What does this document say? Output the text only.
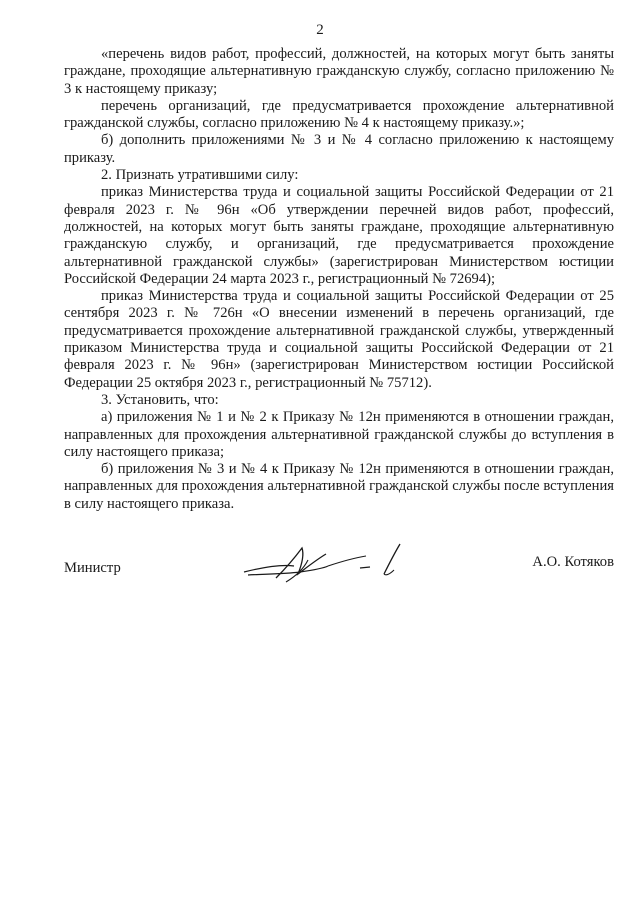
2

«перечень видов работ, профессий, должностей, на которых могут быть заняты граждане, проходящие альтернативную гражданскую службу, согласно приложению № 3 к настоящему приказу;

перечень организаций, где предусматривается прохождение альтернативной гражданской службы, согласно приложению № 4 к настоящему приказу.»;

б) дополнить приложениями № 3 и № 4 согласно приложению к настоящему приказу.

2. Признать утратившими силу:

приказ Министерства труда и социальной защиты Российской Федерации от 21 февраля 2023 г. № 96н «Об утверждении перечней видов работ, профессий, должностей, на которых могут быть заняты граждане, проходящие альтернативную гражданскую службу, и организаций, где предусматривается прохождение альтернативной гражданской службы» (зарегистрирован Министерством юстиции Российской Федерации 24 марта 2023 г., регистрационный № 72694);

приказ Министерства труда и социальной защиты Российской Федерации от 25 сентября 2023 г. № 726н «О внесении изменений в перечень организаций, где предусматривается прохождение альтернативной гражданской службы, утвержденный приказом Министерства труда и социальной защиты Российской Федерации от 21 февраля 2023 г. № 96н» (зарегистрирован Министерством юстиции Российской Федерации 25 октября 2023 г., регистрационный № 75712).

3. Установить, что:

а) приложения № 1 и № 2 к Приказу № 12н применяются в отношении граждан, направленных для прохождения альтернативной гражданской службы до вступления в силу настоящего приказа;

б) приложения № 3 и № 4 к Приказу № 12н применяются в отношении граждан, направленных для прохождения альтернативной гражданской службы после вступления в силу настоящего приказа.

Министр	А.О. Котяков
